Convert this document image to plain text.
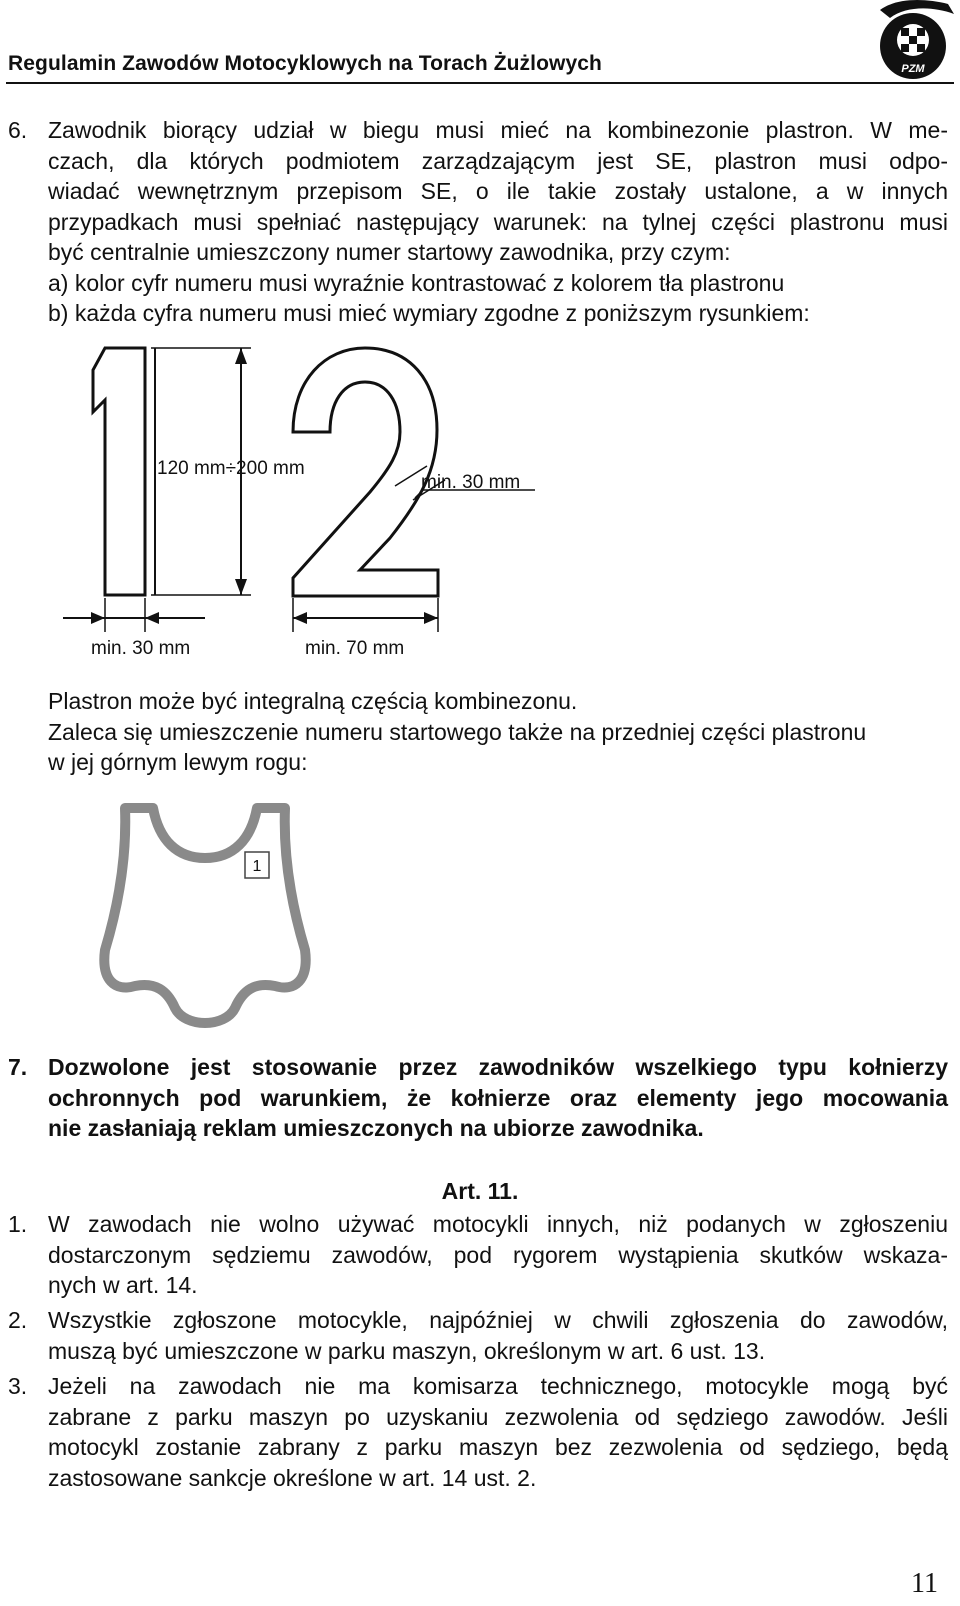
Regulamin Zawodów Motocyklowych na Torach Żużlowych	PZM
6. Zawodnik biorący udział w biegu musi mieć na kombinezonie plastron. W me-
czach, dla których podmiotem zarządzającym jest SE, plastron musi odpo-
wiadać wewnętrznym przepisom SE, o ile takie zostały ustalone, a w innych
przypadkach musi spełniać następujący warunek: na tylnej części plastronu musi
być centralnie umieszczony numer startowy zawodnika, przy czym:
a) kolor cyfr numeru musi wyraźnie kontrastować z kolorem tła plastronu
b) każda cyfra numeru musi mieć wymiary zgodne z poniższym rysunkiem:
120 mm÷200 mm
min. 30 mm
min. 30 mm	min. 70 mm
Plastron może być integralną częścią kombinezonu.
Zaleca się umieszczenie numeru startowego także na przedniej części plastronu
w jej górnym lewym rogu:
1
7. Dozwolone jest stosowanie przez zawodników wszelkiego typu kołnierzy
ochronnych pod warunkiem, że kołnierze oraz elementy jego mocowania
nie zasłaniają reklam umieszczonych na ubiorze zawodnika.
Art. 11.
1. W zawodach nie wolno używać motocykli innych, niż podanych w zgłoszeniu
dostarczonym sędziemu zawodów, pod rygorem wystąpienia skutków wskaza-
nych w art. 14.
2. Wszystkie zgłoszone motocykle, najpóźniej w chwili zgłoszenia do zawodów,
muszą być umieszczone w parku maszyn, określonym w art. 6 ust. 13.
3. Jeżeli na zawodach nie ma komisarza technicznego, motocykle mogą być
zabrane z parku maszyn po uzyskaniu zezwolenia od sędziego zawodów. Jeśli
motocykl zostanie zabrany z parku maszyn bez zezwolenia od sędziego, będą
zastosowane sankcje określone w art. 14 ust. 2.
11
